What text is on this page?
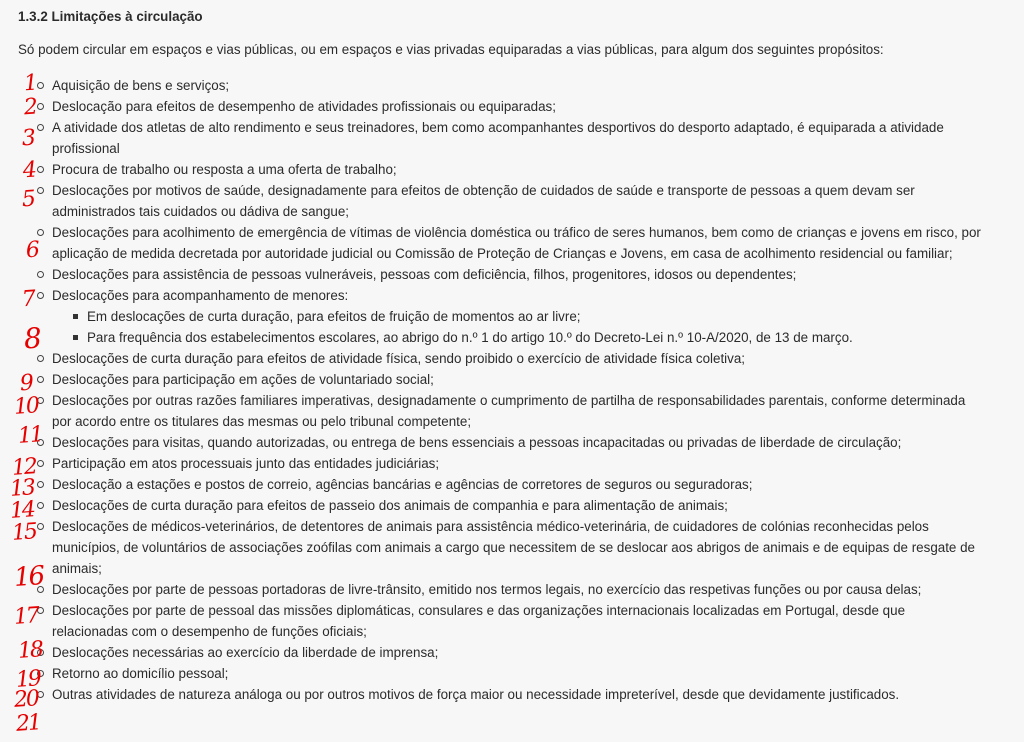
1.3.2 Limitações à circulação
Só podem circular em espaços e vias públicas, ou em espaços e vias privadas equiparadas a vias públicas, para algum dos seguintes propósitos:
Aquisição de bens e serviços;
Deslocação para efeitos de desempenho de atividades profissionais ou equiparadas;
A atividade dos atletas de alto rendimento e seus treinadores, bem como acompanhantes desportivos do desporto adaptado, é equiparada a atividade profissional
Procura de trabalho ou resposta a uma oferta de trabalho;
Deslocações por motivos de saúde, designadamente para efeitos de obtenção de cuidados de saúde e transporte de pessoas a quem devam ser administrados tais cuidados ou dádiva de sangue;
Deslocações para acolhimento de emergência de vítimas de violência doméstica ou tráfico de seres humanos, bem como de crianças e jovens em risco, por aplicação de medida decretada por autoridade judicial ou Comissão de Proteção de Crianças e Jovens, em casa de acolhimento residencial ou familiar;
Deslocações para assistência de pessoas vulneráveis, pessoas com deficiência, filhos, progenitores, idosos ou dependentes;
Deslocações para acompanhamento de menores:
Em deslocações de curta duração, para efeitos de fruição de momentos ao ar livre;
Para frequência dos estabelecimentos escolares, ao abrigo do n.º 1 do artigo 10.º do Decreto-Lei n.º 10-A/2020, de 13 de março.
Deslocações de curta duração para efeitos de atividade física, sendo proibido o exercício de atividade física coletiva;
Deslocações para participação em ações de voluntariado social;
Deslocações por outras razões familiares imperativas, designadamente o cumprimento de partilha de responsabilidades parentais, conforme determinada por acordo entre os titulares das mesmas ou pelo tribunal competente;
Deslocações para visitas, quando autorizadas, ou entrega de bens essenciais a pessoas incapacitadas ou privadas de liberdade de circulação;
Participação em atos processuais junto das entidades judiciárias;
Deslocação a estações e postos de correio, agências bancárias e agências de corretores de seguros ou seguradoras;
Deslocações de curta duração para efeitos de passeio dos animais de companhia e para alimentação de animais;
Deslocações de médicos-veterinários, de detentores de animais para assistência médico-veterinária, de cuidadores de colónias reconhecidas pelos municípios, de voluntários de associações zoófilas com animais a cargo que necessitem de se deslocar aos abrigos de animais e de equipas de resgate de animais;
Deslocações por parte de pessoas portadoras de livre-trânsito, emitido nos termos legais, no exercício das respetivas funções ou por causa delas;
Deslocações por parte de pessoal das missões diplomáticas, consulares e das organizações internacionais localizadas em Portugal, desde que relacionadas com o desempenho de funções oficiais;
Deslocações necessárias ao exercício da liberdade de imprensa;
Retorno ao domicílio pessoal;
Outras atividades de natureza análoga ou por outros motivos de força maior ou necessidade impreterível, desde que devidamente justificados.
1
2
3
4
5
6
7
8
9
10
11
12
13
14
15
16
17
18
19
20
21
